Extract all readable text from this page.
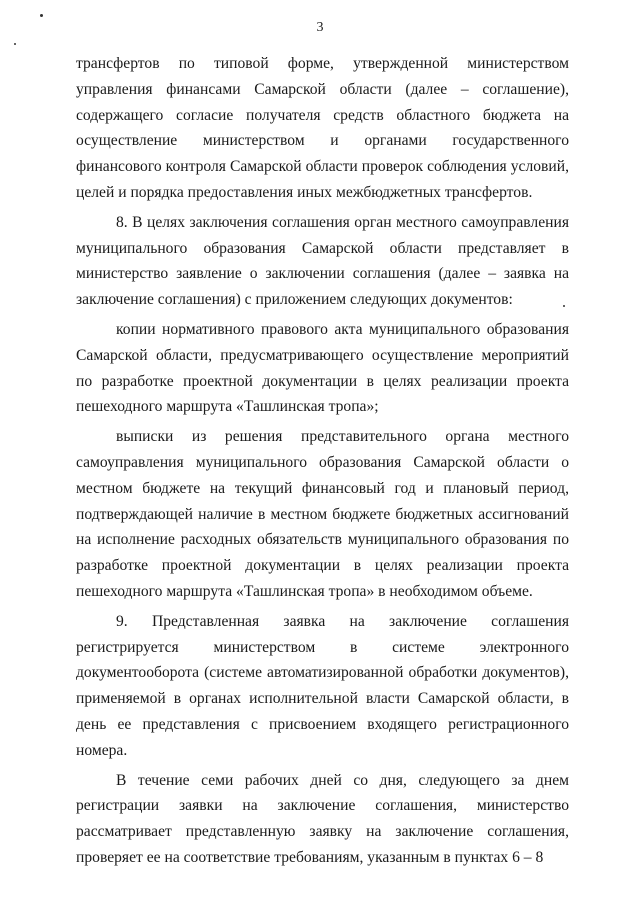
3

трансфертов по типовой форме, утвержденной министерством управления финансами Самарской области (далее – соглашение), содержащего согласие получателя средств областного бюджета на осуществление министерством и органами государственного финансового контроля Самарской области проверок соблюдения условий, целей и порядка предоставления иных межбюджетных трансфертов.

8. В целях заключения соглашения орган местного самоуправления муниципального образования Самарской области представляет в министерство заявление о заключении соглашения (далее – заявка на заключение соглашения) с приложением следующих документов:

копии нормативного правового акта муниципального образования Самарской области, предусматривающего осуществление мероприятий по разработке проектной документации в целях реализации проекта пешеходного маршрута «Ташлинская тропа»;

выписки из решения представительного органа местного самоуправления муниципального образования Самарской области о местном бюджете на текущий финансовый год и плановый период, подтверждающей наличие в местном бюджете бюджетных ассигнований на исполнение расходных обязательств муниципального образования по разработке проектной документации в целях реализации проекта пешеходного маршрута «Ташлинская тропа» в необходимом объеме.

9. Представленная заявка на заключение соглашения регистрируется министерством в системе электронного документооборота (системе автоматизированной обработки документов), применяемой в органах исполнительной власти Самарской области, в день ее представления с присвоением входящего регистрационного номера.

В течение семи рабочих дней со дня, следующего за днем регистрации заявки на заключение соглашения, министерство рассматривает представленную заявку на заключение соглашения, проверяет ее на соответствие требованиям, указанным в пунктах 6 – 8
